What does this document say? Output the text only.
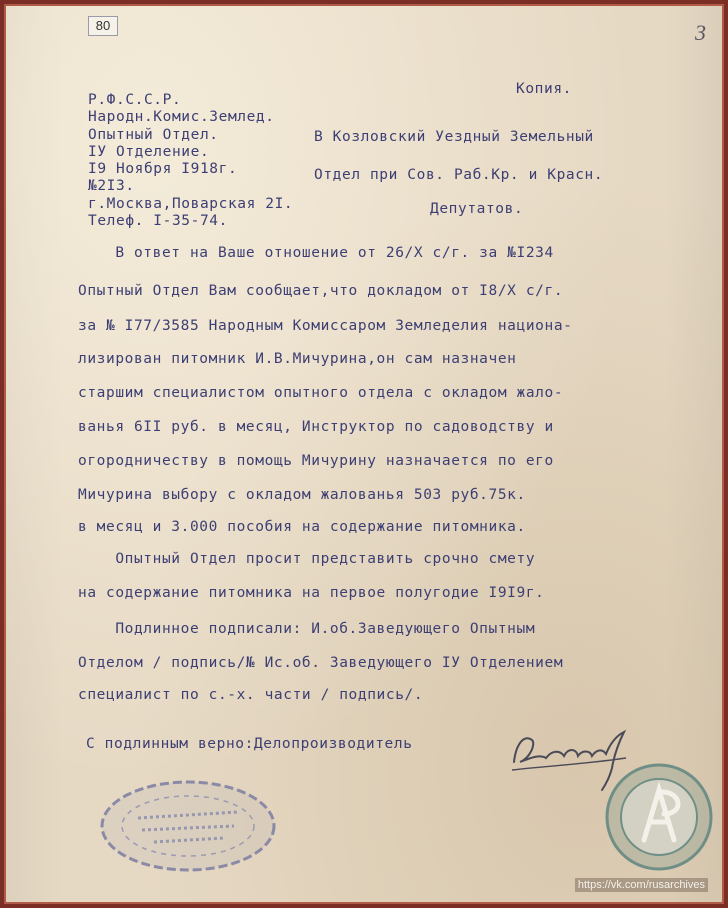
80	3
Копия.
Р.Ф.С.С.Р.
Народн.Комис.Землед.
Опытный Отдел.
IУ Отделение.
I9 Ноября I918г.
№2I3.
г.Москва,Поварская 2I.
Телеф. I-35-74.
В Козловский Уездный Земельный
Отдел при Сов. Раб.Кр. и Красн.
Депутатов.
В ответ на Ваше отношение от 26/Х с/г. за №I234
Опытный Отдел Вам сообщает,что докладом от I8/Х с/г.
за № I77/3585 Народным Комиссаром Земледелия национа-
лизирован питомник И.В.Мичурина,он сам назначен
старшим специалистом опытного отдела с окладом жало-
ванья 6II руб. в месяц, Инструктор по садоводству и
огородничеству в помощь Мичурину назначается по его
Мичурина выбору с окладом жалованья 503 руб.75к.
в месяц и 3.000 пособия на содержание питомника.
Опытный Отдел просит представить срочно смету
на содержание питомника на первое полугодие I9I9г.
Подлинное подписали: И.об.Заведующего Опытным
Отделом / подпись/№ Ис.об. Заведующего IУ Отделением
специалист по с.-х. части / подпись/.
С подлинным верно:Делопроизводитель
https://vk.com/rusarchives
